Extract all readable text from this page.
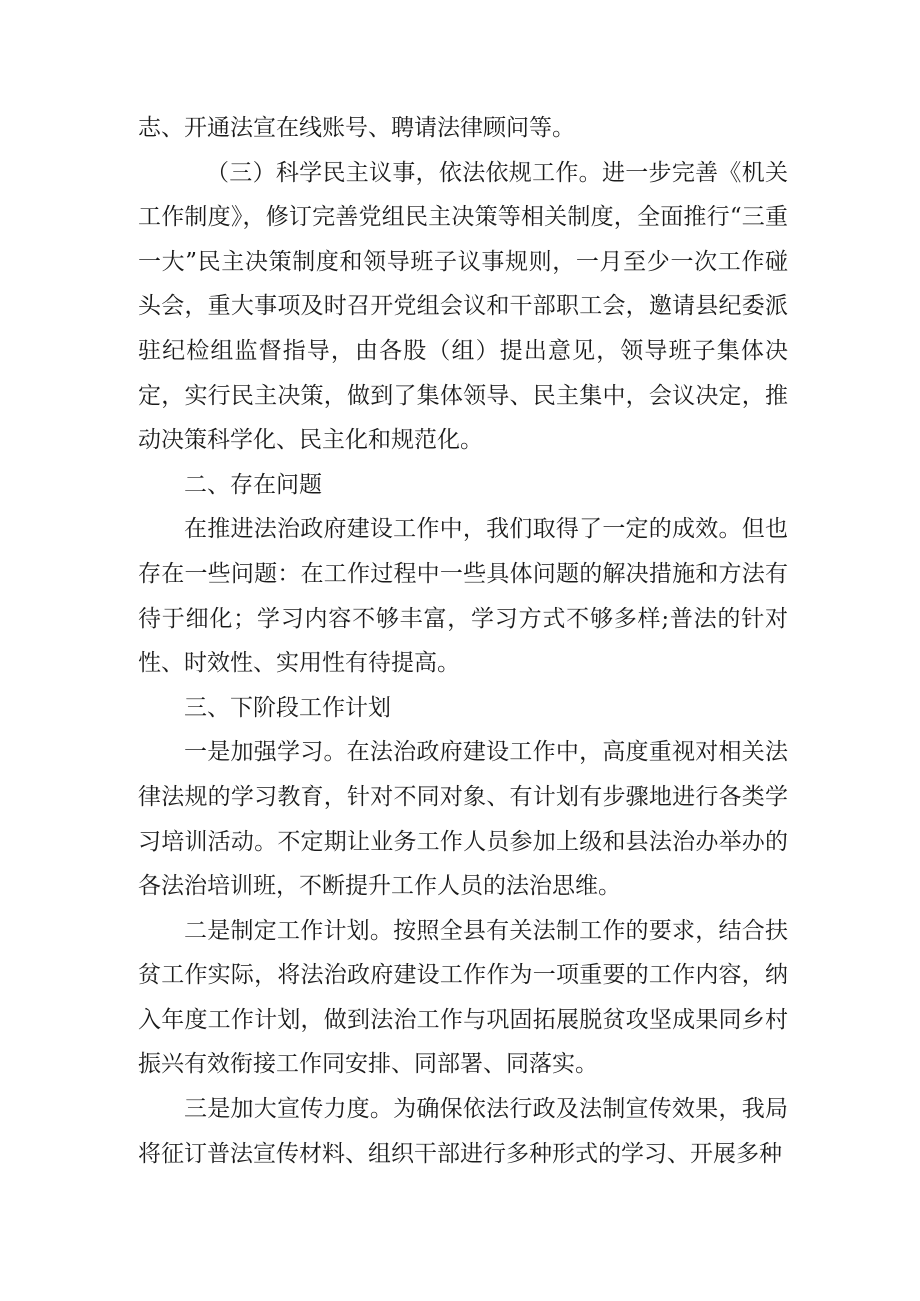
志、开通法宣在线账号、聘请法律顾问等。

（三）科学民主议事，依法依规工作。进一步完善《机关工作制度》，修订完善党组民主决策等相关制度，全面推行“三重一大”民主决策制度和领导班子议事规则，一月至少一次工作碰头会，重大事项及时召开党组会议和干部职工会，邀请县纪委派驻纪检组监督指导，由各股（组）提出意见，领导班子集体决定，实行民主决策，做到了集体领导、民主集中，会议决定，推动决策科学化、民主化和规范化。

二、存在问题

在推进法治政府建设工作中，我们取得了一定的成效。但也存在一些问题：在工作过程中一些具体问题的解决措施和方法有待于细化；学习内容不够丰富，学习方式不够多样;普法的针对性、时效性、实用性有待提高。

三、下阶段工作计划

一是加强学习。在法治政府建设工作中，高度重视对相关法律法规的学习教育，针对不同对象、有计划有步骤地进行各类学习培训活动。不定期让业务工作人员参加上级和县法治办举办的各法治培训班，不断提升工作人员的法治思维。

二是制定工作计划。按照全县有关法制工作的要求，结合扶贫工作实际，将法治政府建设工作作为一项重要的工作内容，纳入年度工作计划，做到法治工作与巩固拓展脱贫攻坚成果同乡村振兴有效衔接工作同安排、同部署、同落实。

三是加大宣传力度。为确保依法行政及法制宣传效果，我局将征订普法宣传材料、组织干部进行多种形式的学习、开展多种
